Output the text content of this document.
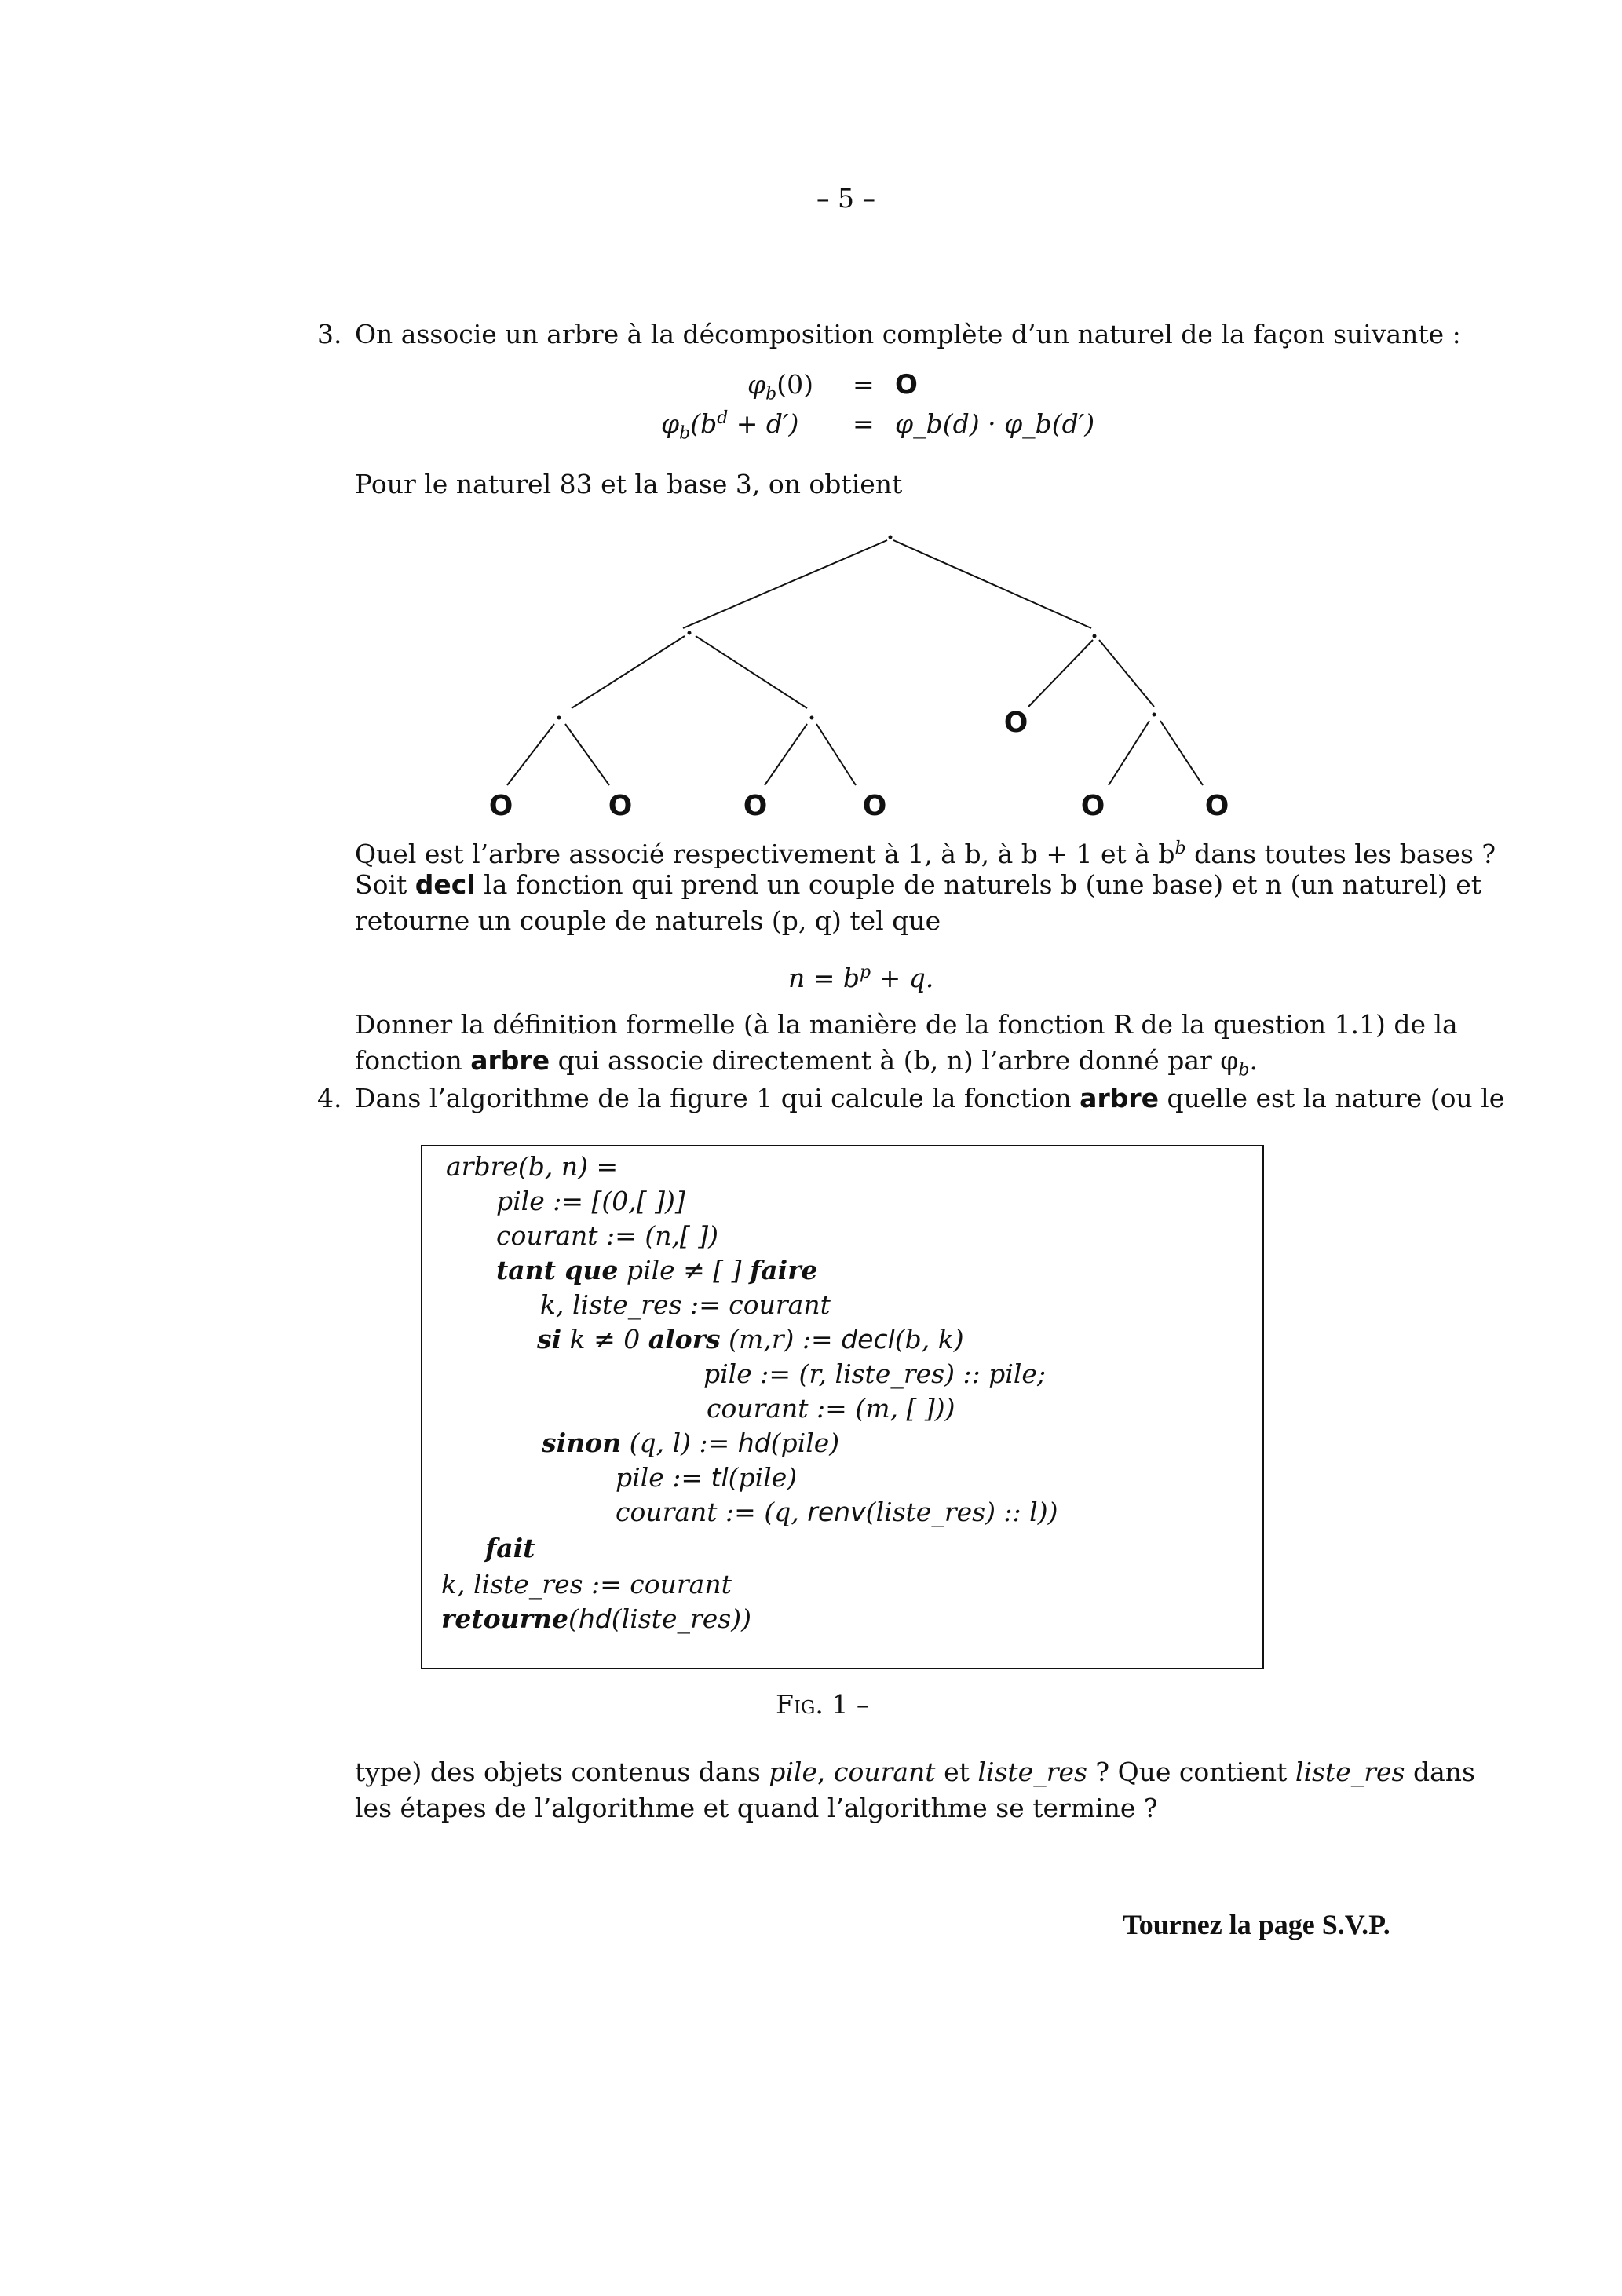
– 5 –
3. On associe un arbre à la décomposition complète d’un naturel de la façon suivante :
$\varphi_b(0) = O$
$\varphi_b(b^d + d')$ = φ_b(d) · φ_b(d′)
Pour le naturel 83 et la base 3, on obtient
O
O	O	O	O	O	O
Quel est l’arbre associé respectivement à 1, à b, à b + 1 et à $b^b$ dans toutes les bases ?
Soit decl la fonction qui prend un couple de naturels b (une base) et n (un naturel) et
retourne un couple de naturels (p, q) tel que
$n = b^p + q$.
Donner la définition formelle (à la manière de la fonction R de la question 1.1) de la
fonction arbre qui associe directement à (b, n) l’arbre donné par $\varphi_b$.
4. Dans l’algorithme de la figure 1 qui calcule la fonction arbre quelle est la nature (ou le
arbre(b, n) =
pile := [(0,[ ])]
courant := (n,[ ])
tant que pile ≠ [ ] faire
k, liste_res := courant
si k ≠ 0 alors (m,r) := decl(b, k)
pile := (r, liste_res) :: pile;
courant := (m, [ ]))
sinon (q, l) := hd(pile)
pile := tl(pile)
courant := (q, renv(liste_res) :: l))
fait
k, liste_res := courant
retourne(hd(liste_res))
Fig. 1 –
type) des objets contenus dans pile, courant et liste_res ? Que contient liste_res dans
les étapes de l’algorithme et quand l’algorithme se termine ?
Tournez la page S.V.P.
